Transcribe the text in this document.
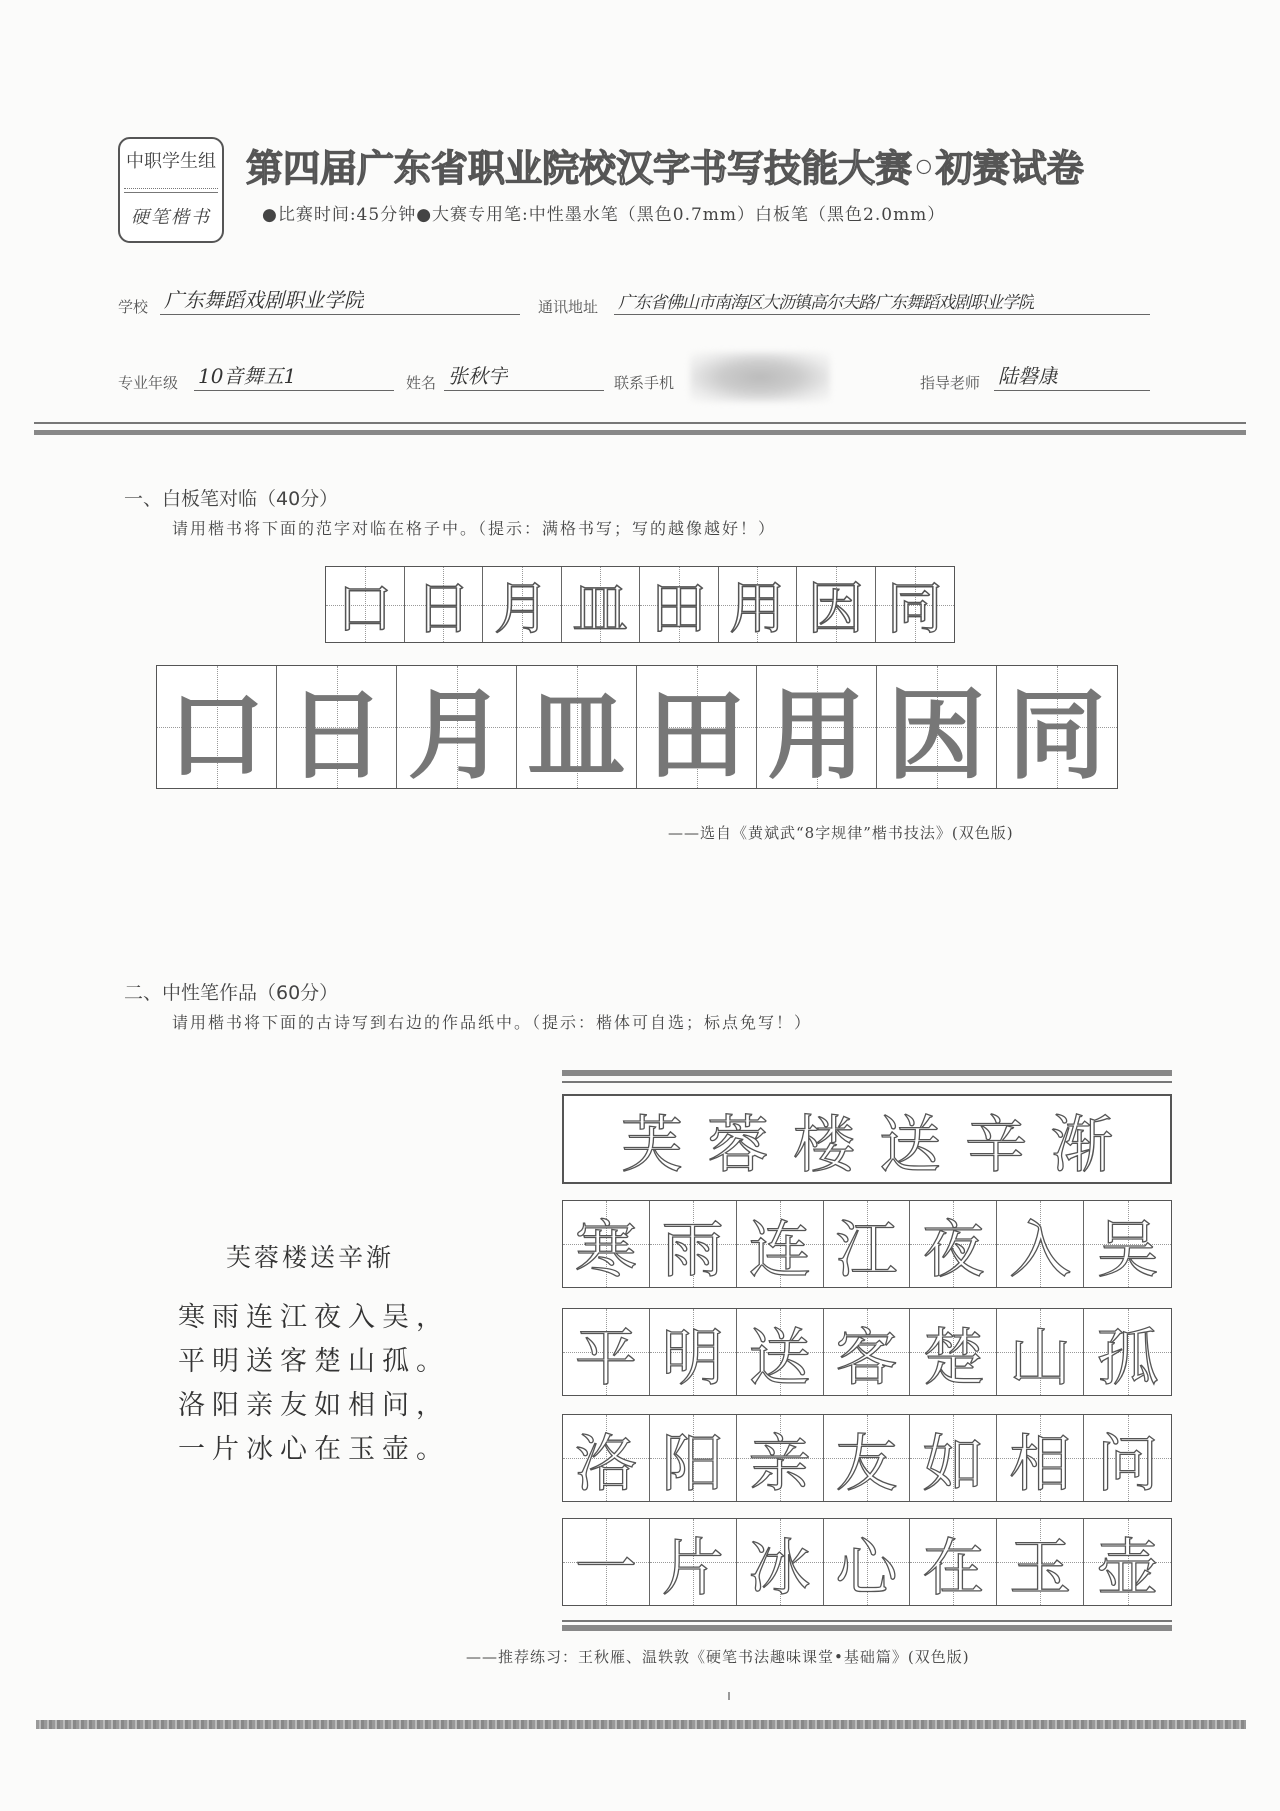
中职学生组
硬笔楷书
第四届广东省职业院校汉字书写技能大赛•初赛试卷
●比赛时间:45分钟●大赛专用笔:中性墨水笔（黑色0.7mm）白板笔（黑色2.0mm）
学校 广东舞蹈戏剧职业学院	通讯地址 广东省佛山市南海区大沥镇高尔夫路广东舞蹈戏剧职业学院
专业年级 10音舞五1	姓名 张秋宇	联系手机	指导老师 陆磐康
一、白板笔对临（40分）
请用楷书将下面的范字对临在格子中。（提示：满格书写；写的越像越好！）
口 日 月 皿 田 用 因 同
口 日 月 皿 田 用 因 同
——选自《黄斌武“8字规律”楷书技法》(双色版)
二、中性笔作品（60分）
请用楷书将下面的古诗写到右边的作品纸中。（提示：楷体可自选；标点免写！）
芙蓉楼送辛渐
寒雨连江夜入吴，
平明送客楚山孤。
洛阳亲友如相问，
一片冰心在玉壶。
芙 蓉 楼 送 辛 渐
寒 雨 连 江 夜 入 吴
平 明 送 客 楚 山 孤
洛 阳 亲 友 如 相 问
一 片 冰 心 在 玉 壶
——推荐练习：王秋雁、温轶敦《硬笔书法趣味课堂•基础篇》(双色版)
